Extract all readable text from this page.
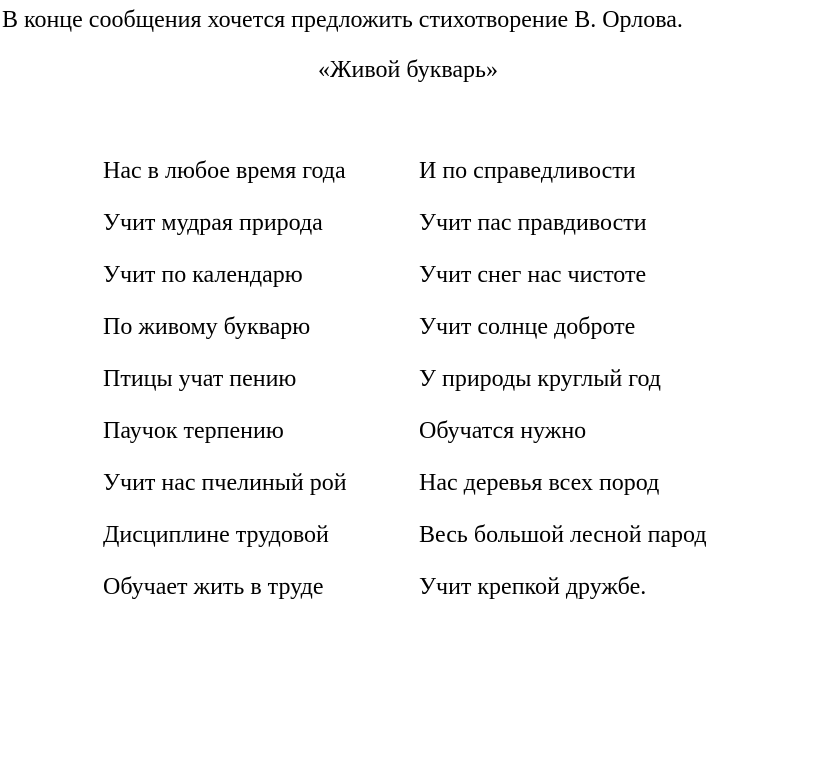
В конце сообщения хочется предложить стихотворение В. Орлова.
«Живой букварь»
Нас в любое время года
Учит мудрая природа
Учит по календарю
По живому букварю
Птицы учат пению
Паучок терпению
Учит нас пчелиный рой
Дисциплине трудовой
Обучает жить в труде
И по справедливости
Учит пас правдивости
Учит снег нас чистоте
Учит солнце доброте
У природы круглый год
Обучатся нужно
Нас деревья всех пород
Весь большой лесной парод
Учит крепкой дружбе.
